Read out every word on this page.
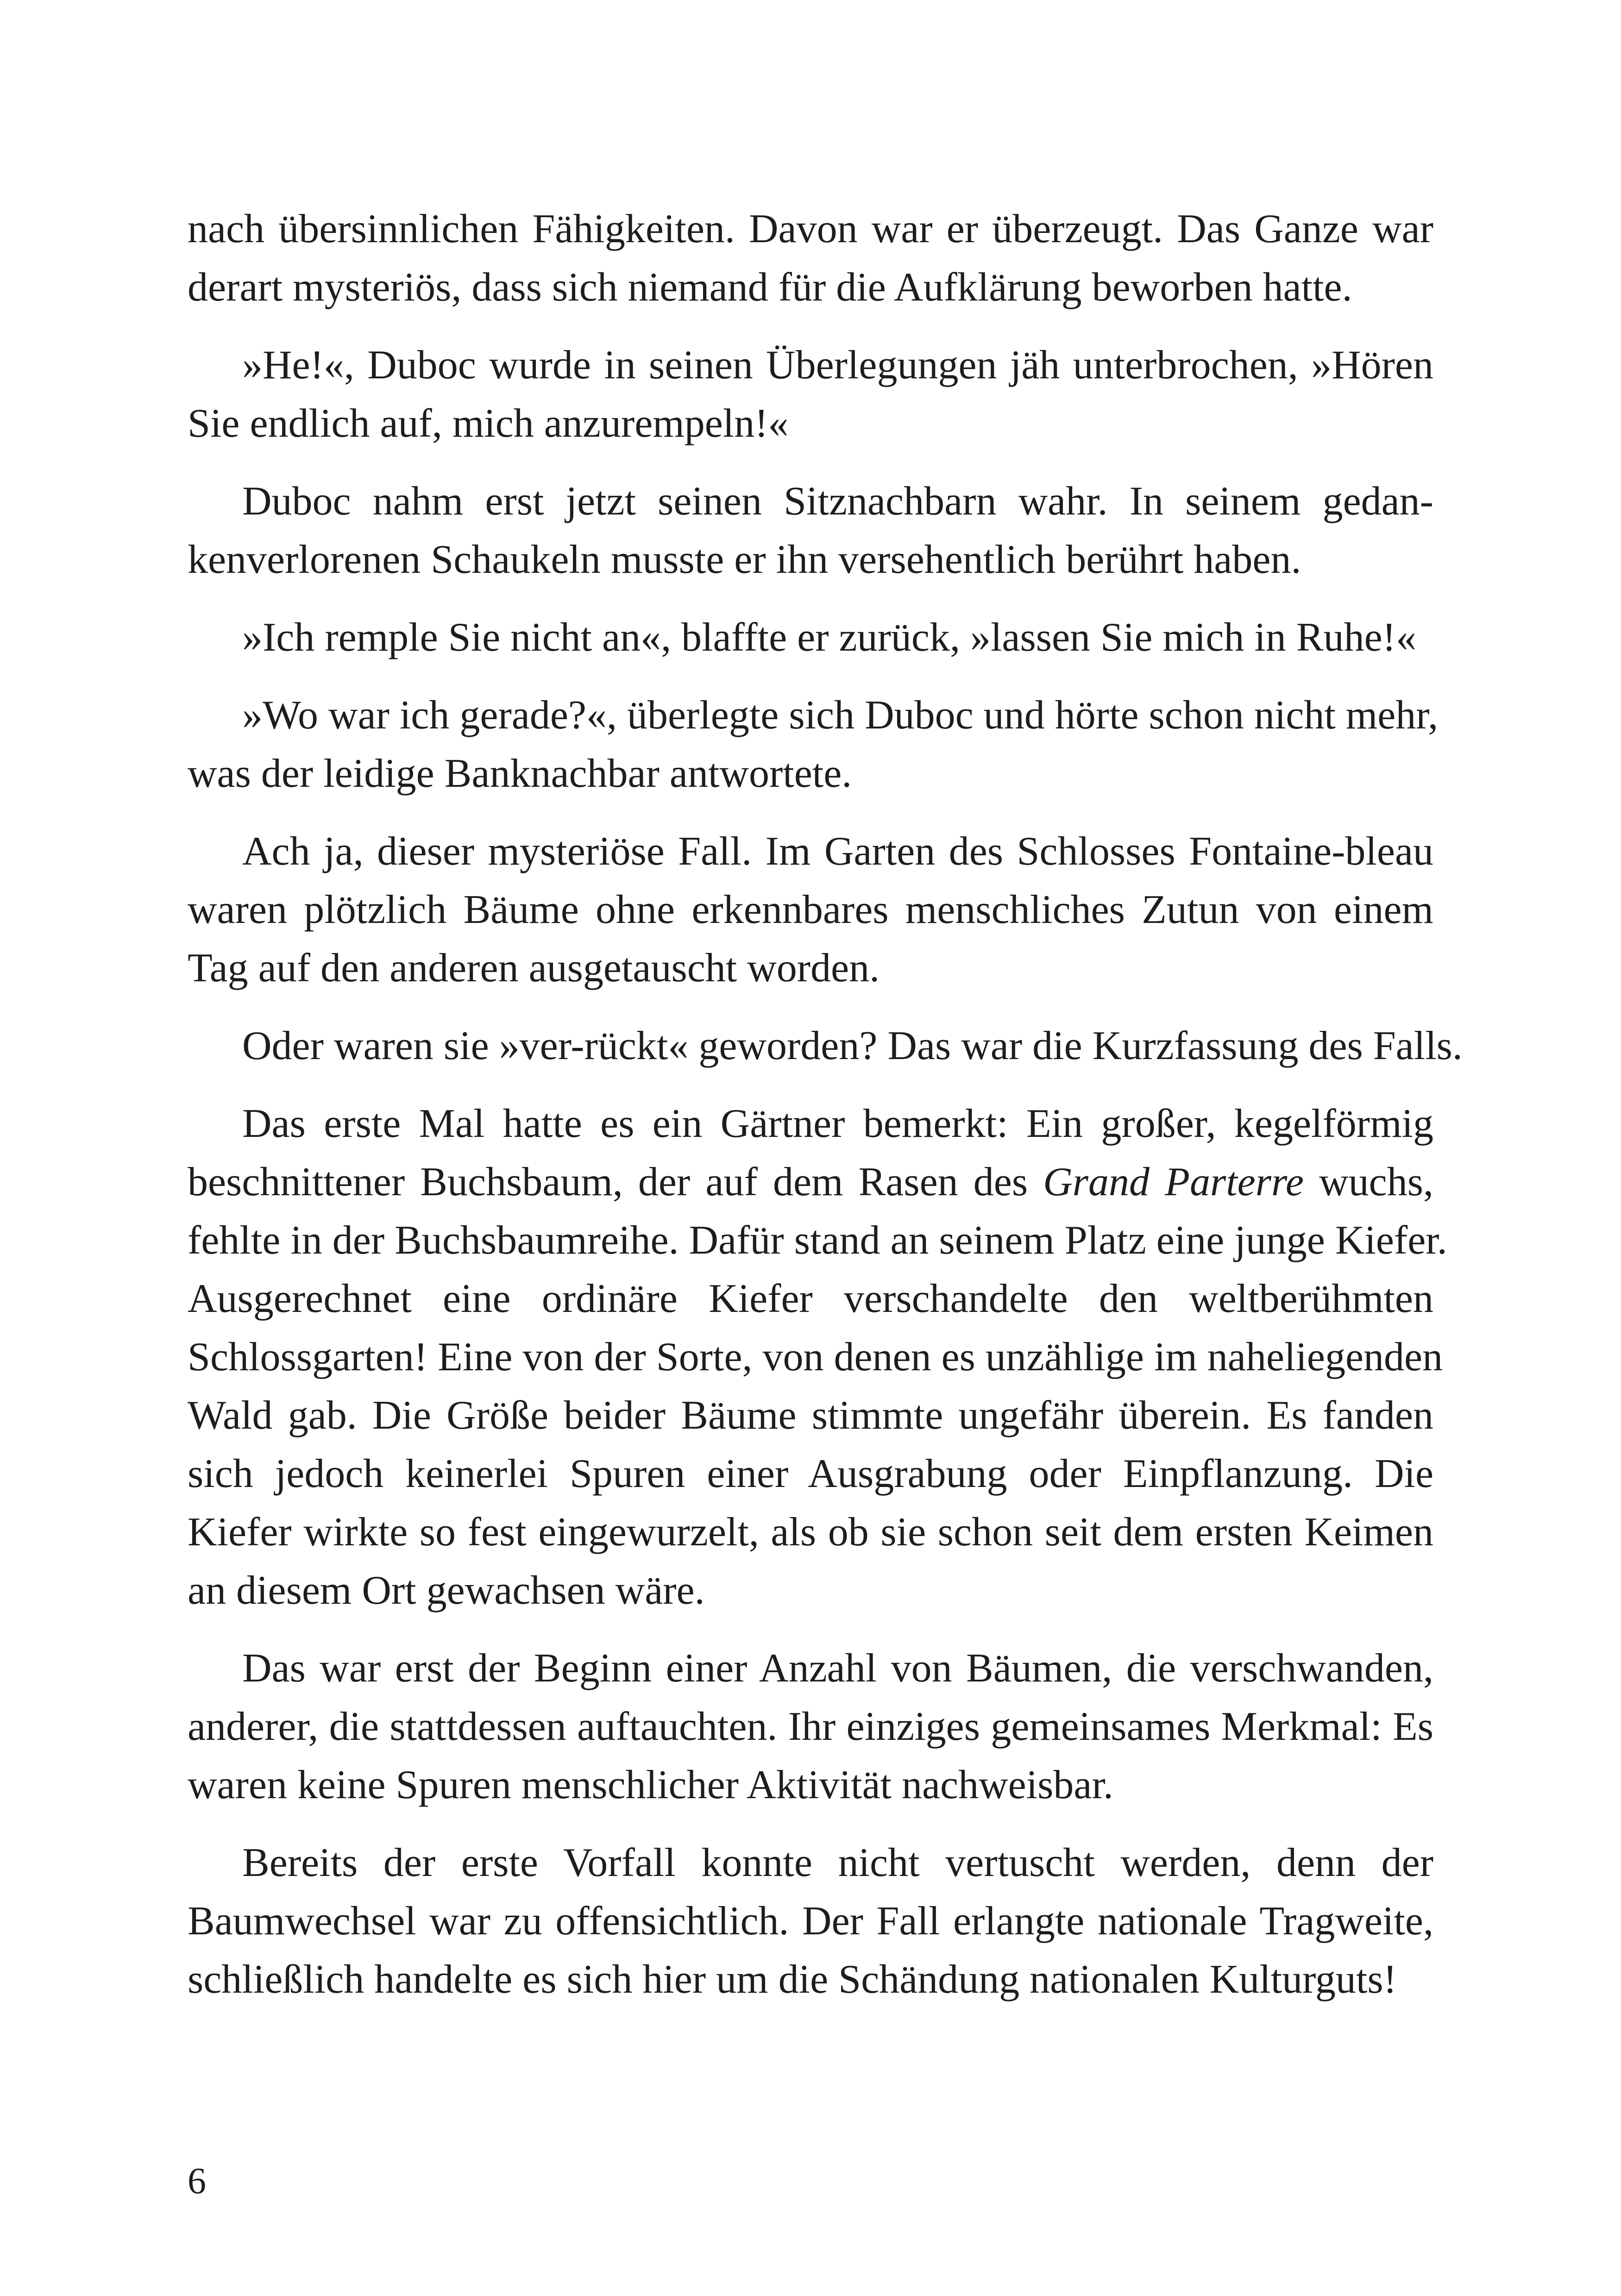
nach übersinnlichen Fähigkeiten. Davon war er überzeugt. Das Ganze war
derart mysteriös, dass sich niemand für die Aufklärung beworben hatte.

»He!«, Duboc wurde in seinen Überlegungen jäh unterbrochen, »Hören
Sie endlich auf, mich anzurempeln!«

Duboc nahm erst jetzt seinen Sitznachbarn wahr. In seinem gedan-
kenverlorenen Schaukeln musste er ihn versehentlich berührt haben.

»Ich remple Sie nicht an«, blaffte er zurück, »lassen Sie mich in Ruhe!«

»Wo war ich gerade?«, überlegte sich Duboc und hörte schon nicht mehr,
was der leidige Banknachbar antwortete.

Ach ja, dieser mysteriöse Fall. Im Garten des Schlosses Fontaine-bleau
waren plötzlich Bäume ohne erkennbares menschliches Zutun von einem
Tag auf den anderen ausgetauscht worden.

Oder waren sie »ver-rückt« geworden? Das war die Kurzfassung des Falls.

Das erste Mal hatte es ein Gärtner bemerkt: Ein großer, kegelförmig
beschnittener Buchsbaum, der auf dem Rasen des Grand Parterre wuchs,
fehlte in der Buchsbaumreihe. Dafür stand an seinem Platz eine junge Kiefer.
Ausgerechnet eine ordinäre Kiefer verschandelte den weltberühmten
Schlossgarten! Eine von der Sorte, von denen es unzählige im naheliegenden
Wald gab. Die Größe beider Bäume stimmte ungefähr überein. Es fanden
sich jedoch keinerlei Spuren einer Ausgrabung oder Einpflanzung. Die
Kiefer wirkte so fest eingewurzelt, als ob sie schon seit dem ersten Keimen
an diesem Ort gewachsen wäre.

Das war erst der Beginn einer Anzahl von Bäumen, die verschwanden,
anderer, die stattdessen auftauchten. Ihr einziges gemeinsames Merkmal: Es
waren keine Spuren menschlicher Aktivität nachweisbar.

Bereits der erste Vorfall konnte nicht vertuscht werden, denn der
Baumwechsel war zu offensichtlich. Der Fall erlangte nationale Tragweite,
schließlich handelte es sich hier um die Schändung nationalen Kulturguts!

6
